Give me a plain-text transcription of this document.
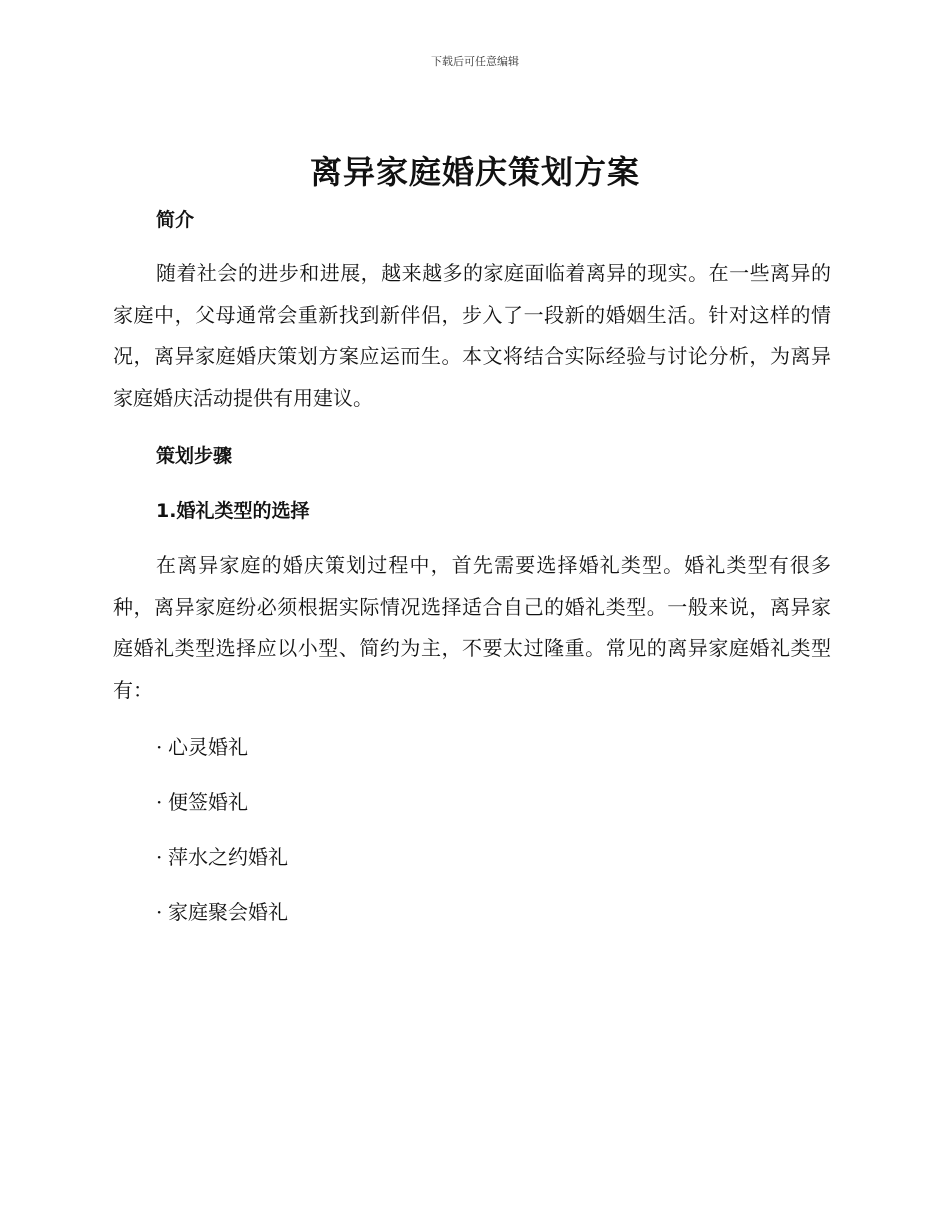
下载后可任意编辑
离异家庭婚庆策划方案
简介
随着社会的进步和进展，越来越多的家庭面临着离异的现实。在一些离异的家庭中，父母通常会重新找到新伴侣，步入了一段新的婚姻生活。针对这样的情况，离异家庭婚庆策划方案应运而生。本文将结合实际经验与讨论分析，为离异家庭婚庆活动提供有用建议。
策划步骤
1.婚礼类型的选择
在离异家庭的婚庆策划过程中，首先需要选择婚礼类型。婚礼类型有很多种，离异家庭纷必须根据实际情况选择适合自己的婚礼类型。一般来说，离异家庭婚礼类型选择应以小型、简约为主，不要太过隆重。常见的离异家庭婚礼类型有：
· 心灵婚礼
· 便签婚礼
· 萍水之约婚礼
· 家庭聚会婚礼
